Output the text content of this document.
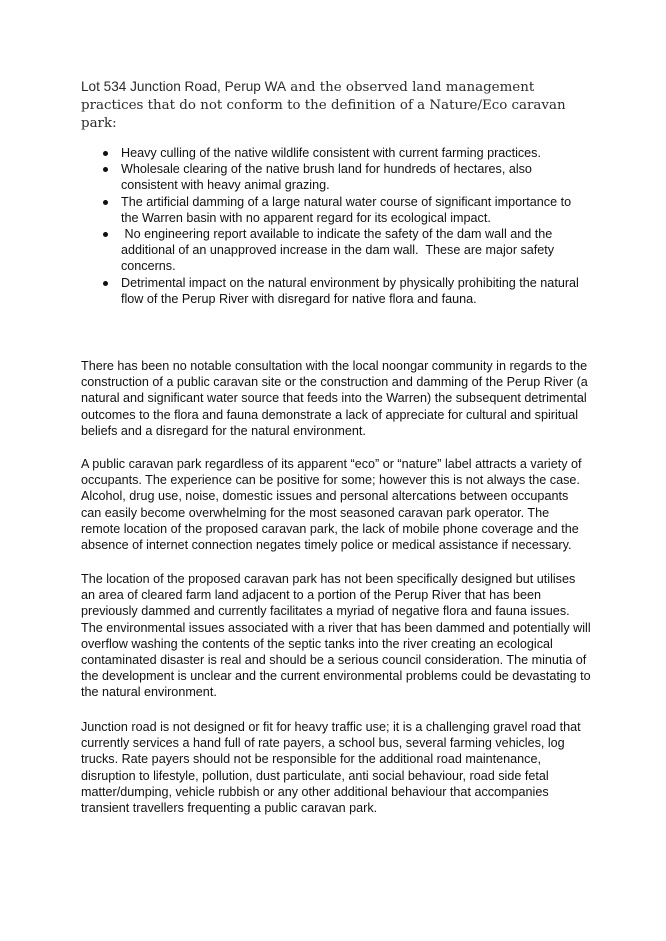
Lot 534 Junction Road, Perup WA and the observed land management practices that do not conform to the definition of a Nature/Eco caravan park:

Heavy culling of the native wildlife consistent with current farming practices.
Wholesale clearing of the native brush land for hundreds of hectares, also consistent with heavy animal grazing.
The artificial damming of a large natural water course of significant importance to the Warren basin with no apparent regard for its ecological impact.
No engineering report available to indicate the safety of the dam wall and the additional of an unapproved increase in the dam wall.  These are major safety concerns.
Detrimental impact on the natural environment by physically prohibiting the natural flow of the Perup River with disregard for native flora and fauna.

There has been no notable consultation with the local noongar community in regards to the construction of a public caravan site or the construction and damming of the Perup River (a natural and significant water source that feeds into the Warren) the subsequent detrimental outcomes to the flora and fauna demonstrate a lack of appreciate for cultural and spiritual beliefs and a disregard for the natural environment.

A public caravan park regardless of its apparent “eco” or “nature” label attracts a variety of occupants. The experience can be positive for some; however this is not always the case. Alcohol, drug use, noise, domestic issues and personal altercations between occupants can easily become overwhelming for the most seasoned caravan park operator. The remote location of the proposed caravan park, the lack of mobile phone coverage and the absence of internet connection negates timely police or medical assistance if necessary.

The location of the proposed caravan park has not been specifically designed but utilises an area of cleared farm land adjacent to a portion of the Perup River that has been previously dammed and currently facilitates a myriad of negative flora and fauna issues. The environmental issues associated with a river that has been dammed and potentially will overflow washing the contents of the septic tanks into the river creating an ecological contaminated disaster is real and should be a serious council consideration. The minutia of the development is unclear and the current environmental problems could be devastating to the natural environment.

Junction road is not designed or fit for heavy traffic use; it is a challenging gravel road that currently services a hand full of rate payers, a school bus, several farming vehicles, log trucks. Rate payers should not be responsible for the additional road maintenance, disruption to lifestyle, pollution, dust particulate, anti social behaviour, road side fetal matter/dumping, vehicle rubbish or any other additional behaviour that accompanies transient travellers frequenting a public caravan park.
